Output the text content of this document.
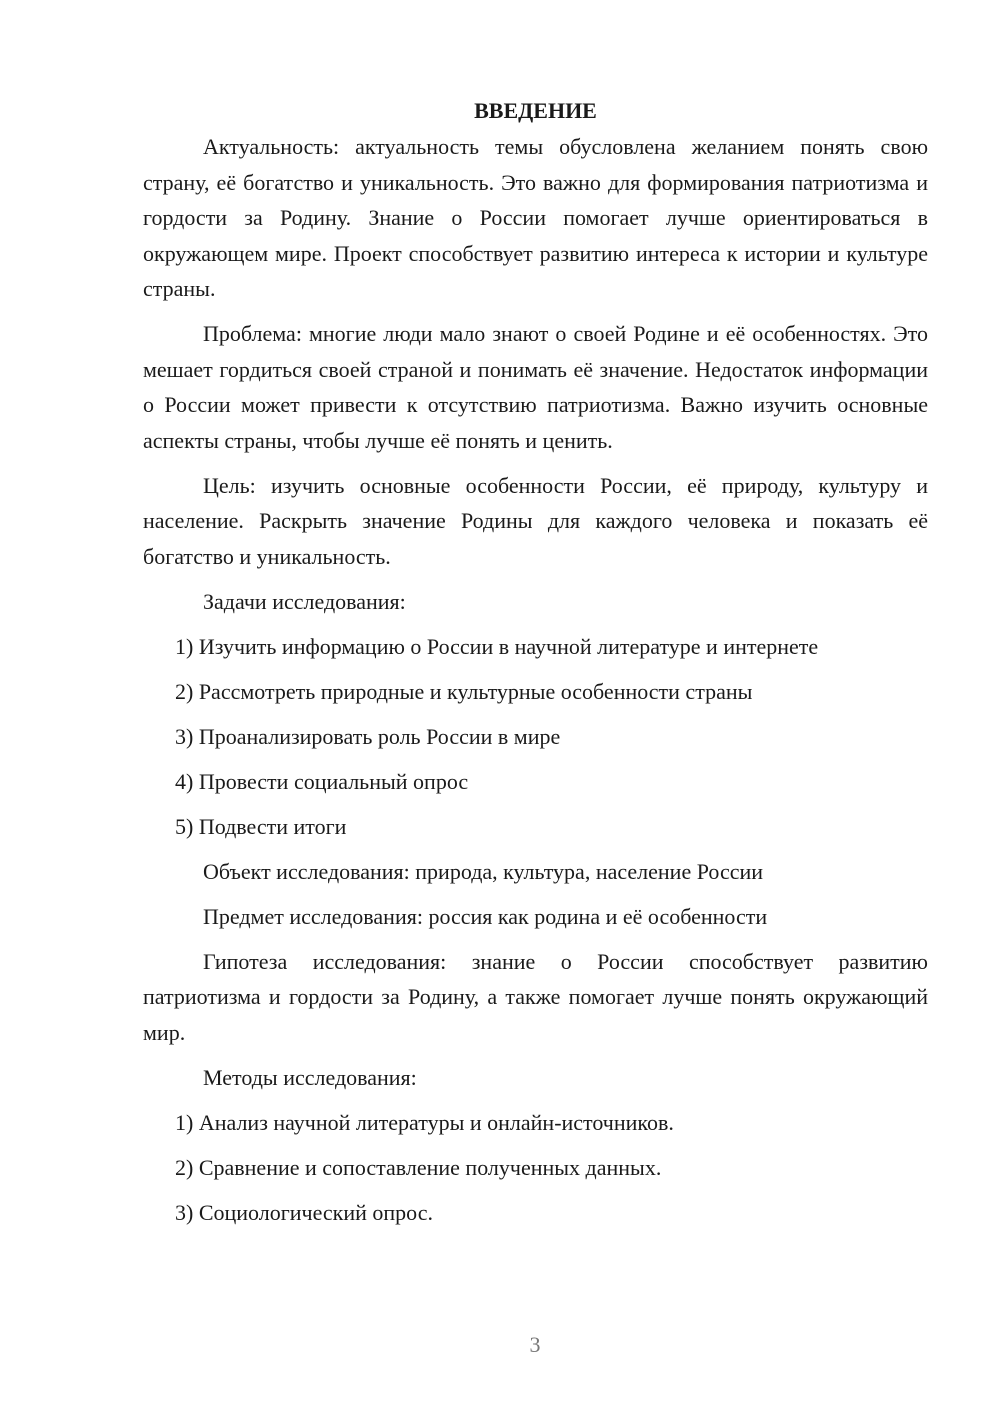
ВВЕДЕНИЕ
Актуальность: актуальность темы обусловлена желанием понять свою страну, её богатство и уникальность. Это важно для формирования патриотизма и гордости за Родину. Знание о России помогает лучше ориентироваться в окружающем мире. Проект способствует развитию интереса к истории и культуре страны.
Проблема: многие люди мало знают о своей Родине и её особенностях. Это мешает гордиться своей страной и понимать её значение. Недостаток информации о России может привести к отсутствию патриотизма. Важно изучить основные аспекты страны, чтобы лучше её понять и ценить.
Цель: изучить основные особенности России, её природу, культуру и население. Раскрыть значение Родины для каждого человека и показать её богатство и уникальность.
Задачи исследования:
1) Изучить информацию о России в научной литературе и интернете
2) Рассмотреть природные и культурные особенности страны
3) Проанализировать роль России в мире
4) Провести социальный опрос
5) Подвести итоги
Объект исследования: природа, культура, население России
Предмет исследования: россия как родина и её особенности
Гипотеза исследования: знание о России способствует развитию патриотизма и гордости за Родину, а также помогает лучше понять окружающий мир.
Методы исследования:
1) Анализ научной литературы и онлайн-источников.
2) Сравнение и сопоставление полученных данных.
3) Социологический опрос.
3
